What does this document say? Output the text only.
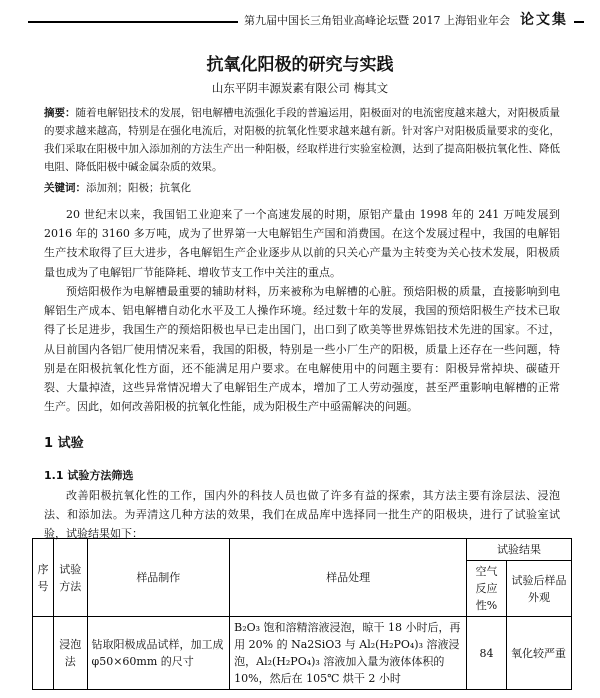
第九届中国长三角铝业高峰论坛暨 2017 上海铝业年会 论文集
抗氧化阳极的研究与实践
山东平阴丰源炭素有限公司 梅其文
摘要：随着电解铝技术的发展，铝电解槽电流强化手段的普遍运用，阳极面对的电流密度越来越大，对阳极质量的要求越来越高，特别是在强化电流后，对阳极的抗氧化性要求越来越有新。针对客户对阳极质量要求的变化，我们采取在阳极中加入添加剂的方法生产出一种阳极，经取样进行实验室检测，达到了提高阳极抗氧化性、降低电阻、降低阳极中碱金属杂质的效果。
关键词：添加剂；阳极；抗氧化
20 世纪末以来，我国铝工业迎来了一个高速发展的时期，原铝产量由 1998 年的 241 万吨发展到 2016 年的 3160 多万吨，成为了世界第一大电解铝生产国和消费国。在这个发展过程中，我国的电解铝生产技术取得了巨大进步，各电解铝生产企业逐步从以前的只关心产量为主转变为关心技术发展，阳极质量也成为了电解铝厂节能降耗、增收节支工作中关注的重点。
预焙阳极作为电解槽最重要的辅助材料，历来被称为电解槽的心脏。预焙阳极的质量，直接影响到电解铝生产成本、铝电解槽自动化水平及工人操作环境。经过数十年的发展，我国的预焙阳极生产技术已取得了长足进步，我国生产的预焙阳极也早已走出国门，出口到了欧美等世界炼铝技术先进的国家。不过，从目前国内各铝厂使用情况来看，我国的阳极，特别是一些小厂生产的阳极，质量上还存在一些问题，特别是在阳极抗氧化性方面，还不能满足用户要求。在电解使用中的问题主要有：阳极异常掉块、碳碴开裂、大量掉渣，这些异常情况增大了电解铝生产成本，增加了工人劳动强度，甚至严重影响电解槽的正常生产。因此，如何改善阳极的抗氧化性能，成为阳极生产中亟需解决的问题。
1 试验
1.1 试验方法筛选
改善阳极抗氧化性的工作，国内外的科技人员也做了许多有益的探索，其方法主要有涂层法、浸泡法、和添加法。为弄清这几种方法的效果，我们在成品库中选择同一批生产的阳极块，进行了试验室试验，试验结果如下：
序号	试验方法	样品制作	样品处理	试验结果	
				空气反应性%	试验后样品外观
	浸泡法	钻取阳极成品试样，加工成 φ50×60mm 的尺寸	B₂O₃ 饱和溶精溶液浸泡，晾干 18 小时后，再用 20% 的 Na2SiO3 与 Al₂(H₂PO₄)₃ 溶液浸泡，Al₂(H₂PO₄)₃ 溶液加入量为液体体积的 10%，然后在 105℃ 烘干 2 小时	84	氧化较严重
